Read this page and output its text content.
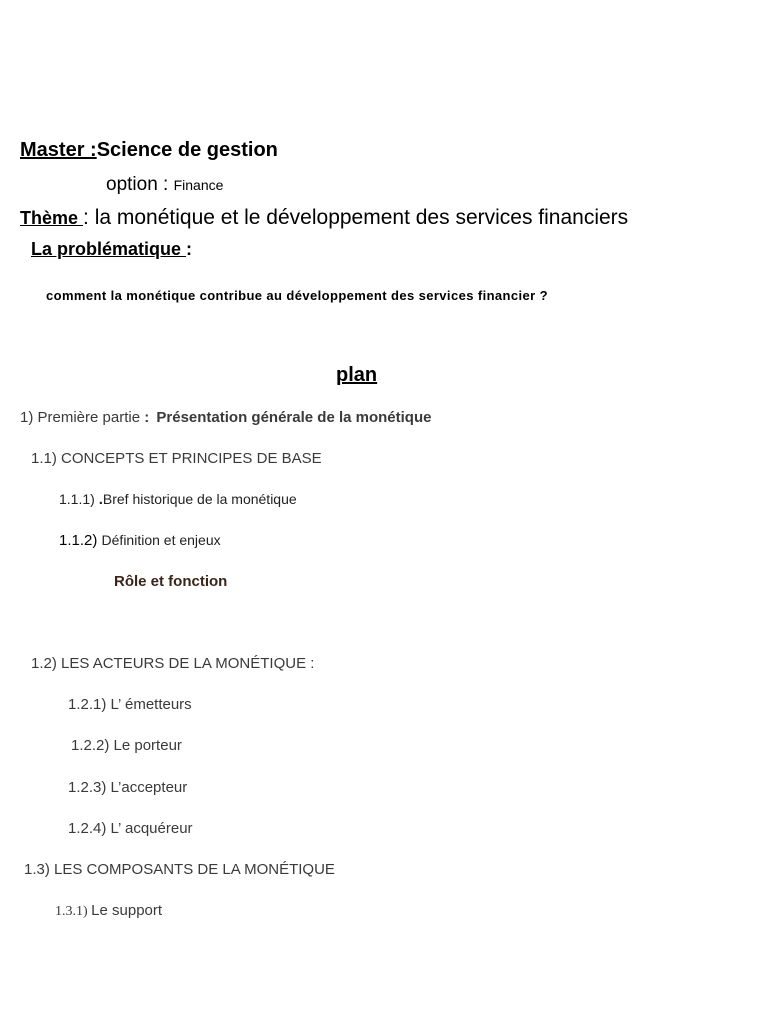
Master :Science de gestion
option : Finance
Thème : la monétique et le développement des services financiers
La problématique :
comment la monétique contribue au développement des services financier ?
plan
1) Première partie : Présentation générale de la monétique
1.1) CONCEPTS ET PRINCIPES DE BASE
1.1.1) .Bref historique de la monétique
1.1.2) Définition et enjeux
Rôle et fonction
1.2) LES ACTEURS DE LA MONÉTIQUE :
1.2.1) L’ émetteurs
1.2.2) Le porteur
1.2.3) L’accepteur
1.2.4) L’ acquéreur
1.3) LES COMPOSANTS DE LA MONÉTIQUE
1.3.1) Le support
